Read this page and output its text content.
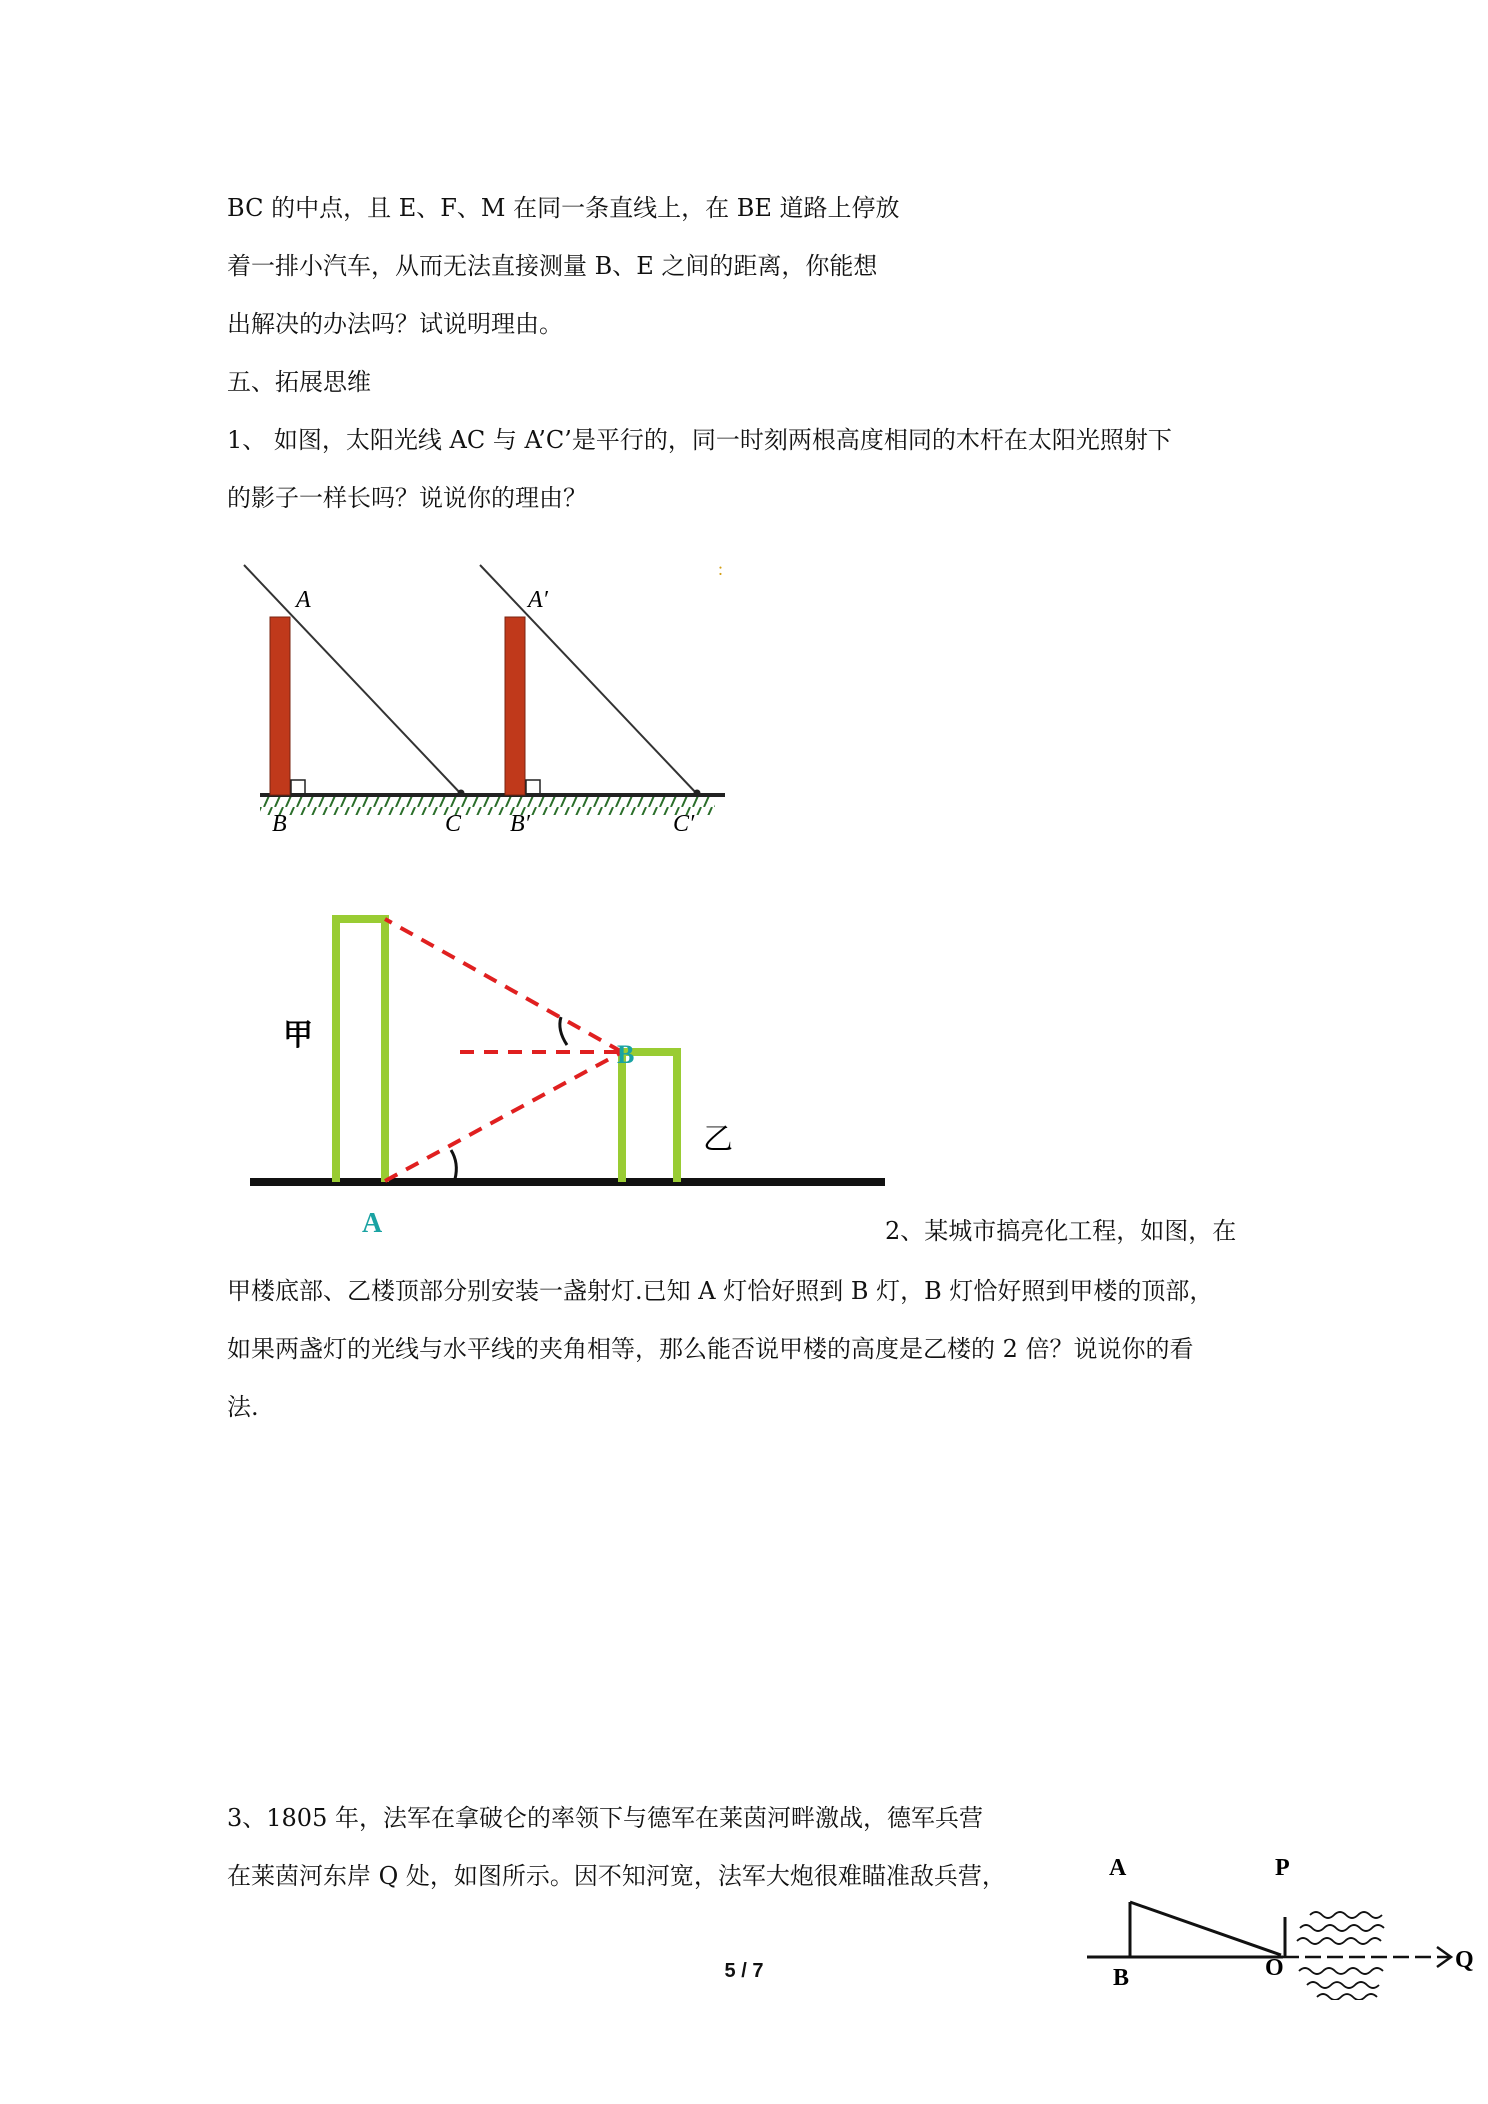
BC 的中点，且 E、F、M 在同一条直线上，在 BE 道路上停放
着一排小汽车，从而无法直接测量 B、E 之间的距离，你能想
出解决的办法吗？试说明理由。
五、拓展思维
1、 如图，太阳光线 AC 与 A’C’是平行的，同一时刻两根高度相同的木杆在太阳光照射下
的影子一样长吗？说说你的理由？
A
B	C
A′
B′	C′
:
甲
乙
A
B
2、某城市搞亮化工程，如图，在
甲楼底部、乙楼顶部分别安装一盏射灯.已知 A 灯恰好照到 B 灯，B 灯恰好照到甲楼的顶部，
如果两盏灯的光线与水平线的夹角相等，那么能否说甲楼的高度是乙楼的 2 倍？说说你的看
法.
3、1805 年，法军在拿破仑的率领下与德军在莱茵河畔激战，德军兵营
在莱茵河东岸 Q 处，如图所示。因不知河宽，法军大炮很难瞄准敌兵营，	A	P
B	O	Q
5 / 7
